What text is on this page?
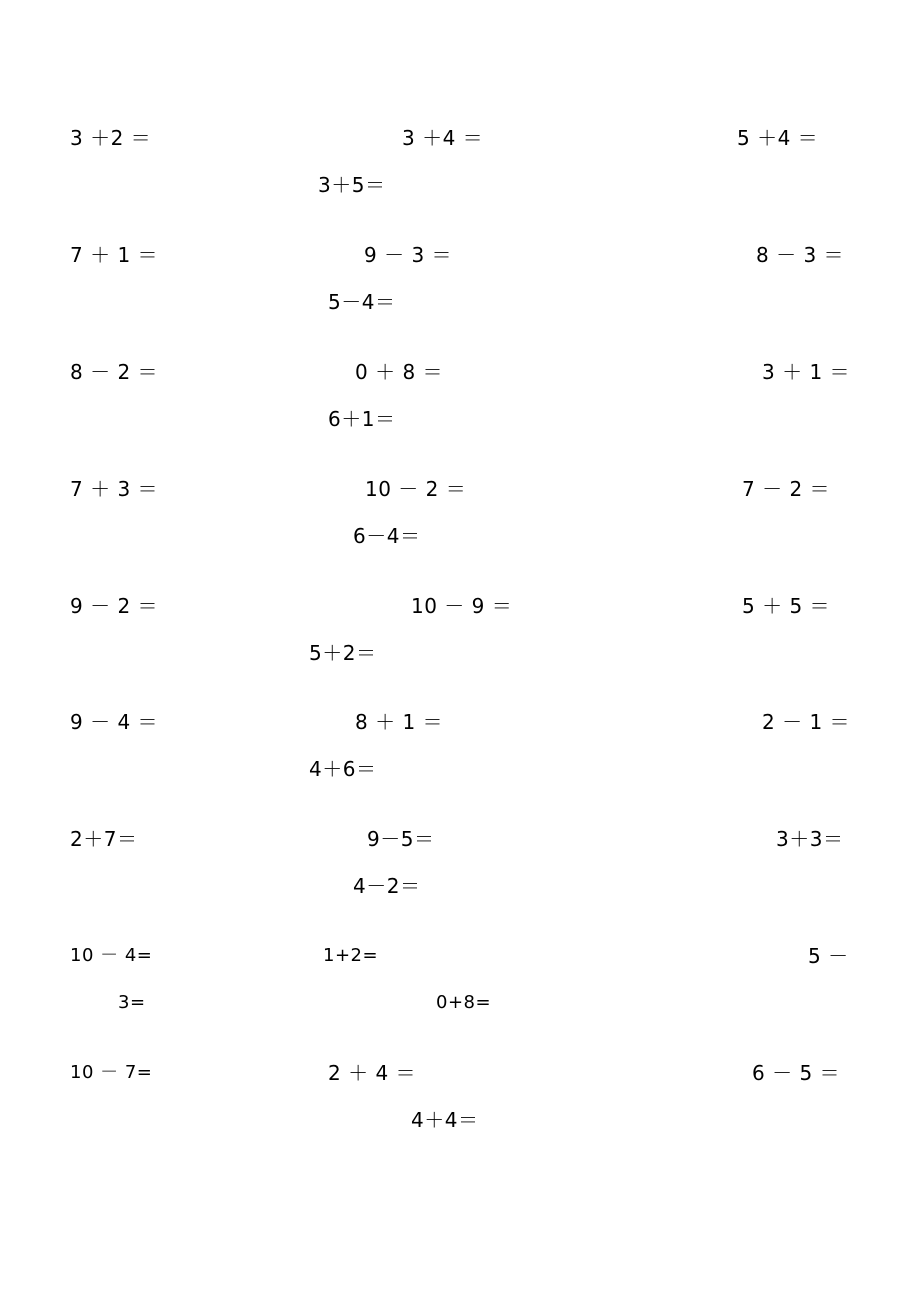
3 ＋2 ＝	3 ＋4 ＝	5 ＋4 ＝
3＋5＝
7 ＋ 1 ＝	9 － 3 ＝	8 － 3 ＝
5－4＝
8 － 2 ＝	0 ＋ 8 ＝	3 ＋ 1 ＝
6＋1＝
7 ＋ 3 ＝	10 － 2 ＝	7 － 2 ＝
6－4＝
9 － 2 ＝	10 － 9 ＝	5 ＋ 5 ＝
5＋2＝
9 － 4 ＝	8 ＋ 1 ＝	2 － 1 ＝
4＋6＝
2＋7＝	9－5＝	3＋3＝
4－2＝
10 － 4=	1+2=	5 －
3=	0+8=
10 － 7=	2 ＋ 4 ＝	6 － 5 ＝
4＋4＝
